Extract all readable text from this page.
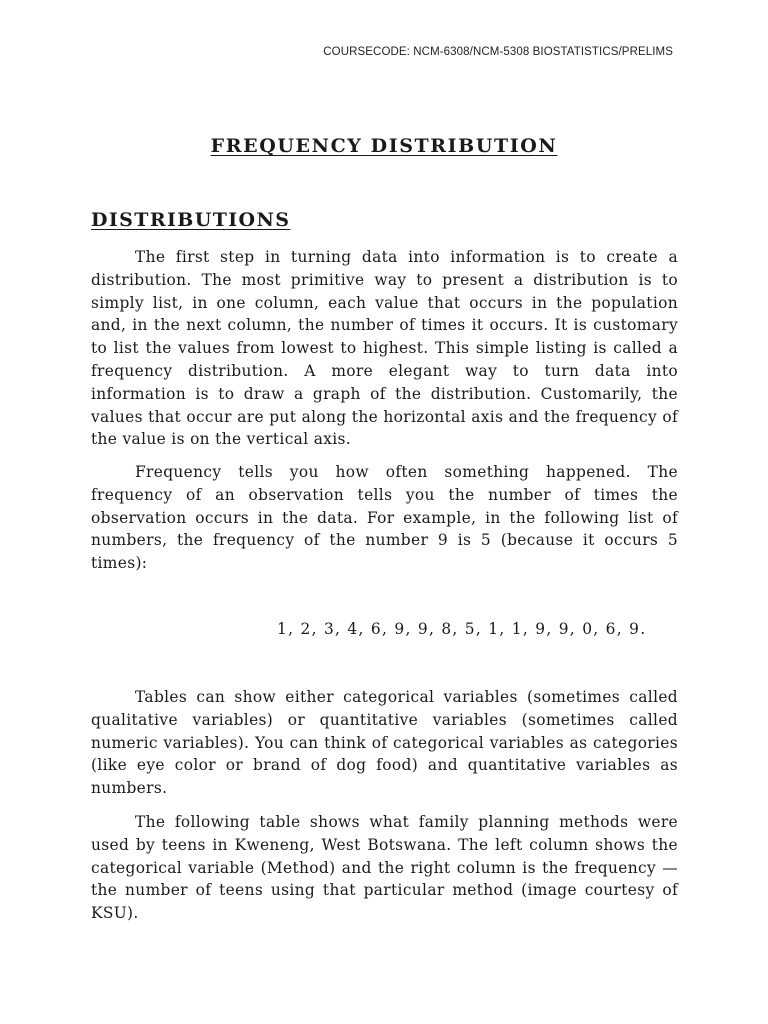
COURSECODE: NCM-6308/NCM-5308 BIOSTATISTICS/PRELIMS
FREQUENCY DISTRIBUTION
DISTRIBUTIONS

The first step in turning data into information is to create a distribution. The most primitive way to present a distribution is to simply list, in one column, each value that occurs in the population and, in the next column, the number of times it occurs. It is customary to list the values from lowest to highest. This simple listing is called a frequency distribution. A more elegant way to turn data into information is to draw a graph of the distribution. Customarily, the values that occur are put along the horizontal axis and the frequency of the value is on the vertical axis.

Frequency tells you how often something happened. The frequency of an observation tells you the number of times the observation occurs in the data. For example, in the following list of numbers, the frequency of the number 9 is 5 (because it occurs 5 times):

1, 2, 3, 4, 6, 9, 9, 8, 5, 1, 1, 9, 9, 0, 6, 9.

Tables can show either categorical variables (sometimes called qualitative variables) or quantitative variables (sometimes called numeric variables). You can think of categorical variables as categories (like eye color or brand of dog food) and quantitative variables as numbers.

The following table shows what family planning methods were used by teens in Kweneng, West Botswana. The left column shows the categorical variable (Method) and the right column is the frequency — the number of teens using that particular method (image courtesy of KSU).
